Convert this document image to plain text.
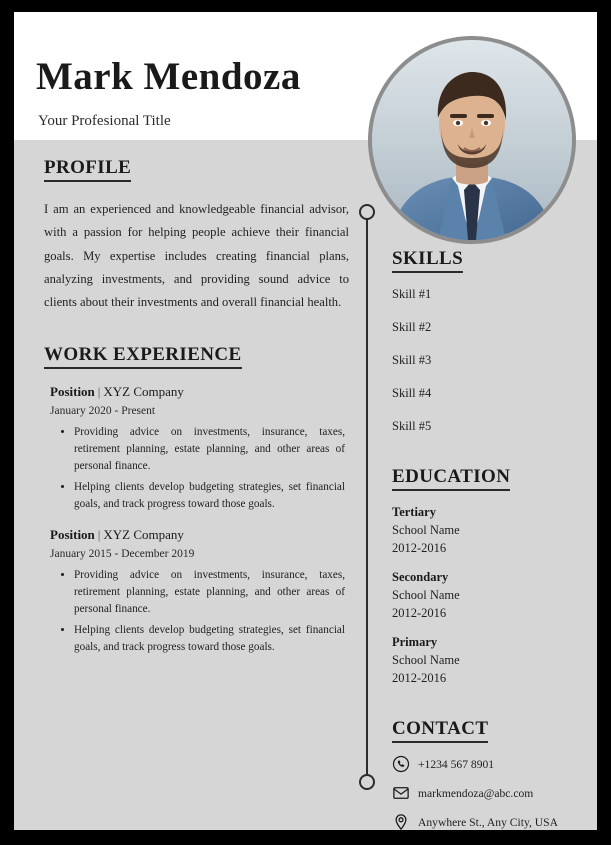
Mark Mendoza
Your Profesional Title
PROFILE
I am an experienced and knowledgeable financial advisor, with a passion for helping people achieve their financial goals. My expertise includes creating financial plans, analyzing investments, and providing sound advice to clients about their investments and overall financial health.
WORK EXPERIENCE
Position | XYZ Company
January 2020 - Present
• Providing advice on investments, insurance, taxes, retirement planning, estate planning, and other areas of personal finance.
• Helping clients develop budgeting strategies, set financial goals, and track progress toward those goals.
Position | XYZ Company
January 2015 - December 2019
• Providing advice on investments, insurance, taxes, retirement planning, estate planning, and other areas of personal finance.
• Helping clients develop budgeting strategies, set financial goals, and track progress toward those goals.
SKILLS
Skill #1
Skill #2
Skill #3
Skill #4
Skill #5
EDUCATION
Tertiary
School Name
2012-2016
Secondary
School Name
2012-2016
Primary
School Name
2012-2016
CONTACT
+1234 567 8901
markmendoza@abc.com
Anywhere St., Any City, USA
